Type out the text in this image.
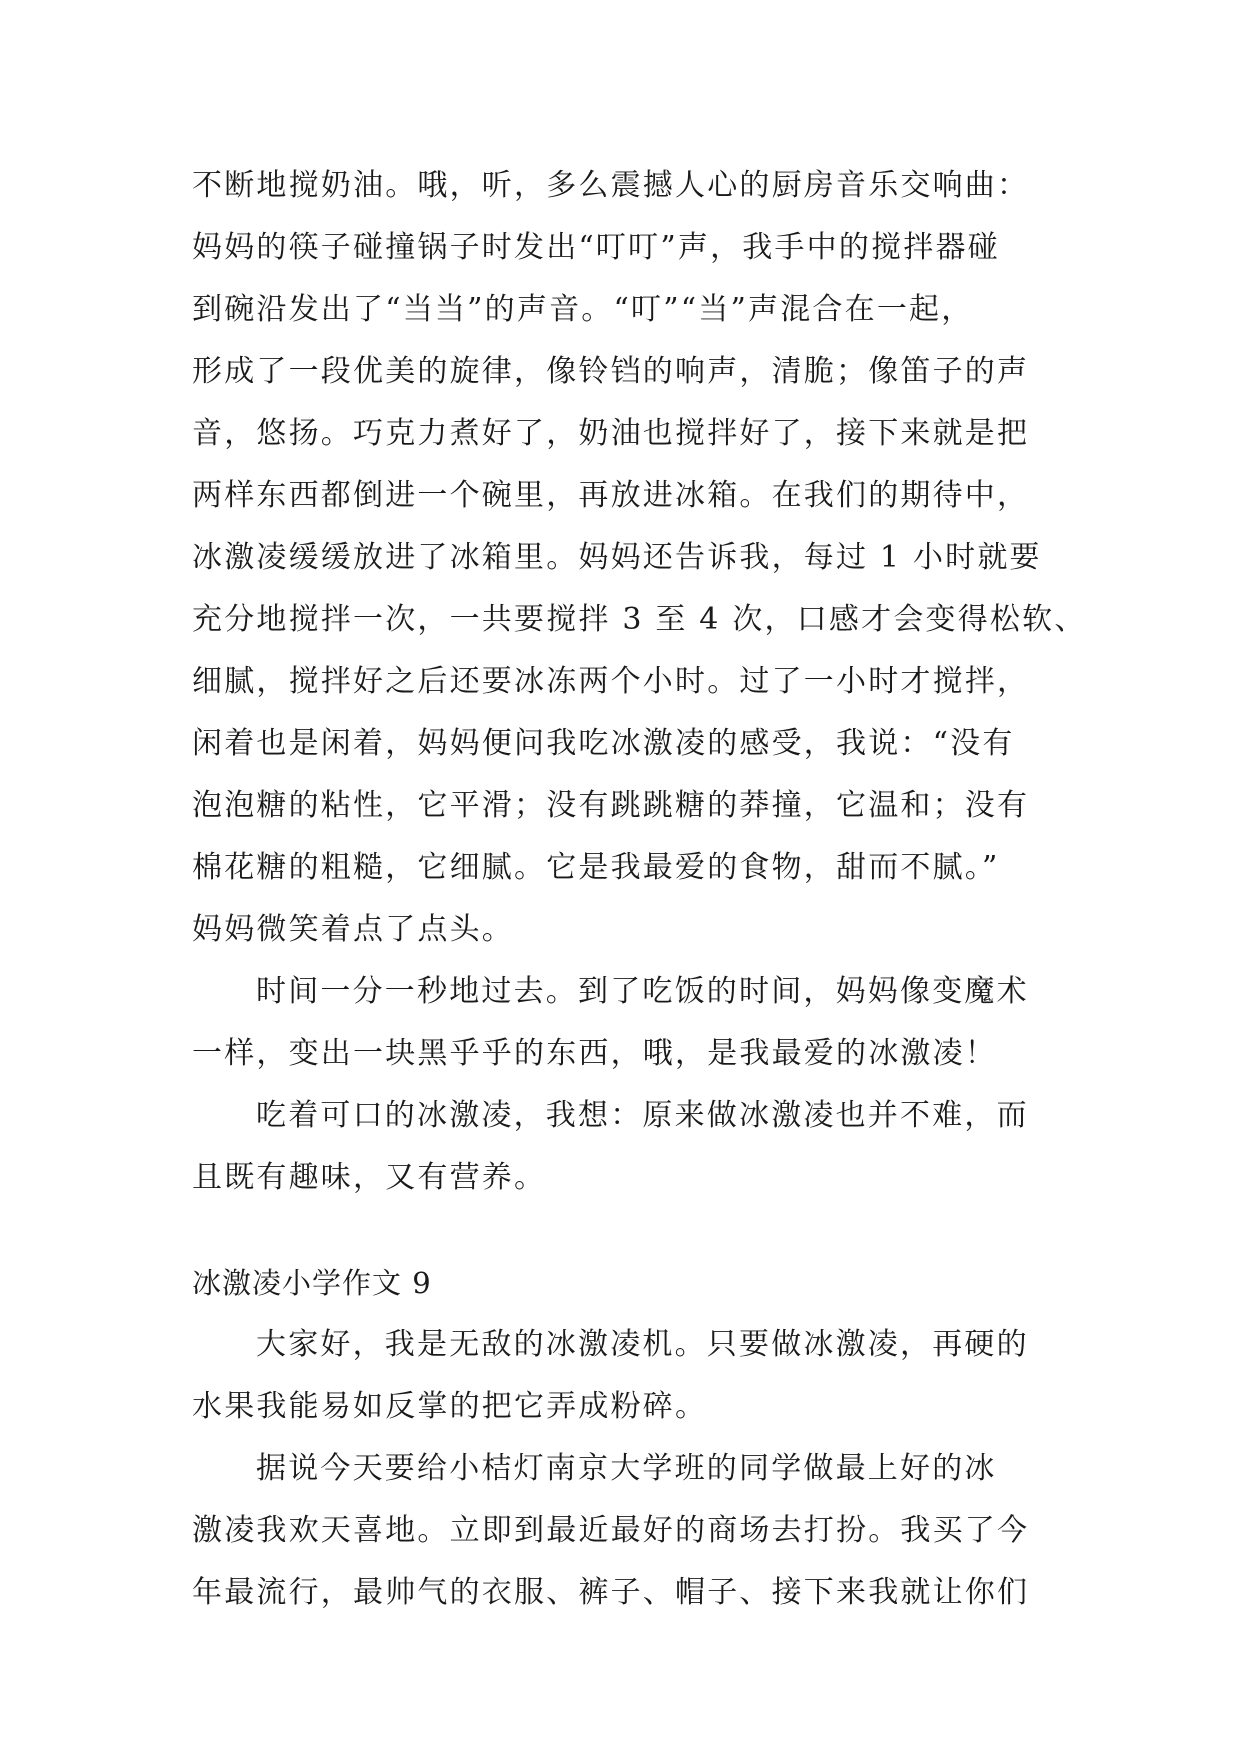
不断地搅奶油。哦，听，多么震撼人心的厨房音乐交响曲：
妈妈的筷子碰撞锅子时发出“叮叮”声，我手中的搅拌器碰
到碗沿发出了“当当”的声音。“叮”“当”声混合在一起，
形成了一段优美的旋律，像铃铛的响声，清脆；像笛子的声
音，悠扬。巧克力煮好了，奶油也搅拌好了，接下来就是把
两样东西都倒进一个碗里，再放进冰箱。在我们的期待中，
冰激凌缓缓放进了冰箱里。妈妈还告诉我，每过 1 小时就要
充分地搅拌一次，一共要搅拌 3 至 4 次，口感才会变得松软、
细腻，搅拌好之后还要冰冻两个小时。过了一小时才搅拌，
闲着也是闲着，妈妈便问我吃冰激凌的感受，我说：“没有
泡泡糖的粘性，它平滑；没有跳跳糖的莽撞，它温和；没有
棉花糖的粗糙，它细腻。它是我最爱的食物，甜而不腻。”
妈妈微笑着点了点头。
时间一分一秒地过去。到了吃饭的时间，妈妈像变魔术
一样，变出一块黑乎乎的东西，哦，是我最爱的冰激凌！
吃着可口的冰激凌，我想：原来做冰激凌也并不难，而
且既有趣味，又有营养。
冰激凌小学作文 9
大家好，我是无敌的冰激凌机。只要做冰激凌，再硬的
水果我能易如反掌的把它弄成粉碎。
据说今天要给小桔灯南京大学班的同学做最上好的冰
激凌我欢天喜地。立即到最近最好的商场去打扮。我买了今
年最流行，最帅气的衣服、裤子、帽子、接下来我就让你们
